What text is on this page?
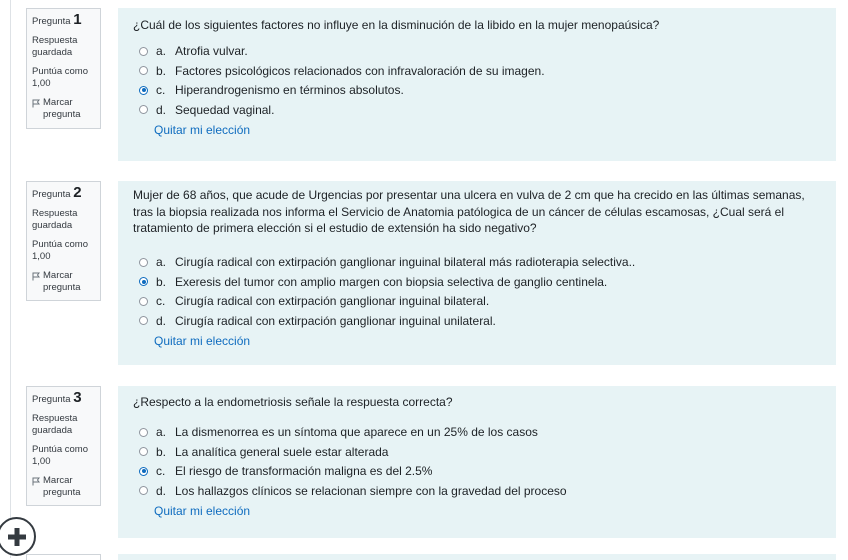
Pregunta 1
Respuesta guardada
Puntúa como 1,00
Marcar pregunta
¿Cuál de los siguientes factores no influye en la disminución de la libido en la mujer menopaúsica?
a. Atrofia vulvar.
b. Factores psicológicos relacionados con infravaloración de su imagen.
c. Hiperandrogenismo en términos absolutos.
d. Sequedad vaginal.
Quitar mi elección
Pregunta 2
Respuesta guardada
Puntúa como 1,00
Marcar pregunta
Mujer de 68 años, que acude de Urgencias por presentar una ulcera en vulva de 2 cm que ha crecido en las últimas semanas, tras la biopsia realizada nos informa el Servicio de Anatomia patólogica de un cáncer de células escamosas, ¿Cual será el tratamiento de primera elección si el estudio de extensión ha sido negativo?
a. Cirugía radical con extirpación ganglionar inguinal bilateral más radioterapia selectiva..
b. Exeresis del tumor con amplio margen con biopsia selectiva de ganglio centinela.
c. Cirugía radical con extirpación ganglionar inguinal bilateral.
d. Cirugía radical con extirpación ganglionar inguinal unilateral.
Quitar mi elección
Pregunta 3
Respuesta guardada
Puntúa como 1,00
Marcar pregunta
¿Respecto a la endometriosis señale la respuesta correcta?
a. La dismenorrea es un síntoma que aparece en un 25% de los casos
b. La analítica general suele estar alterada
c. El riesgo de transformación maligna es del 2.5%
d. Los hallazgos clínicos se relacionan siempre con la gravedad del proceso
Quitar mi elección
